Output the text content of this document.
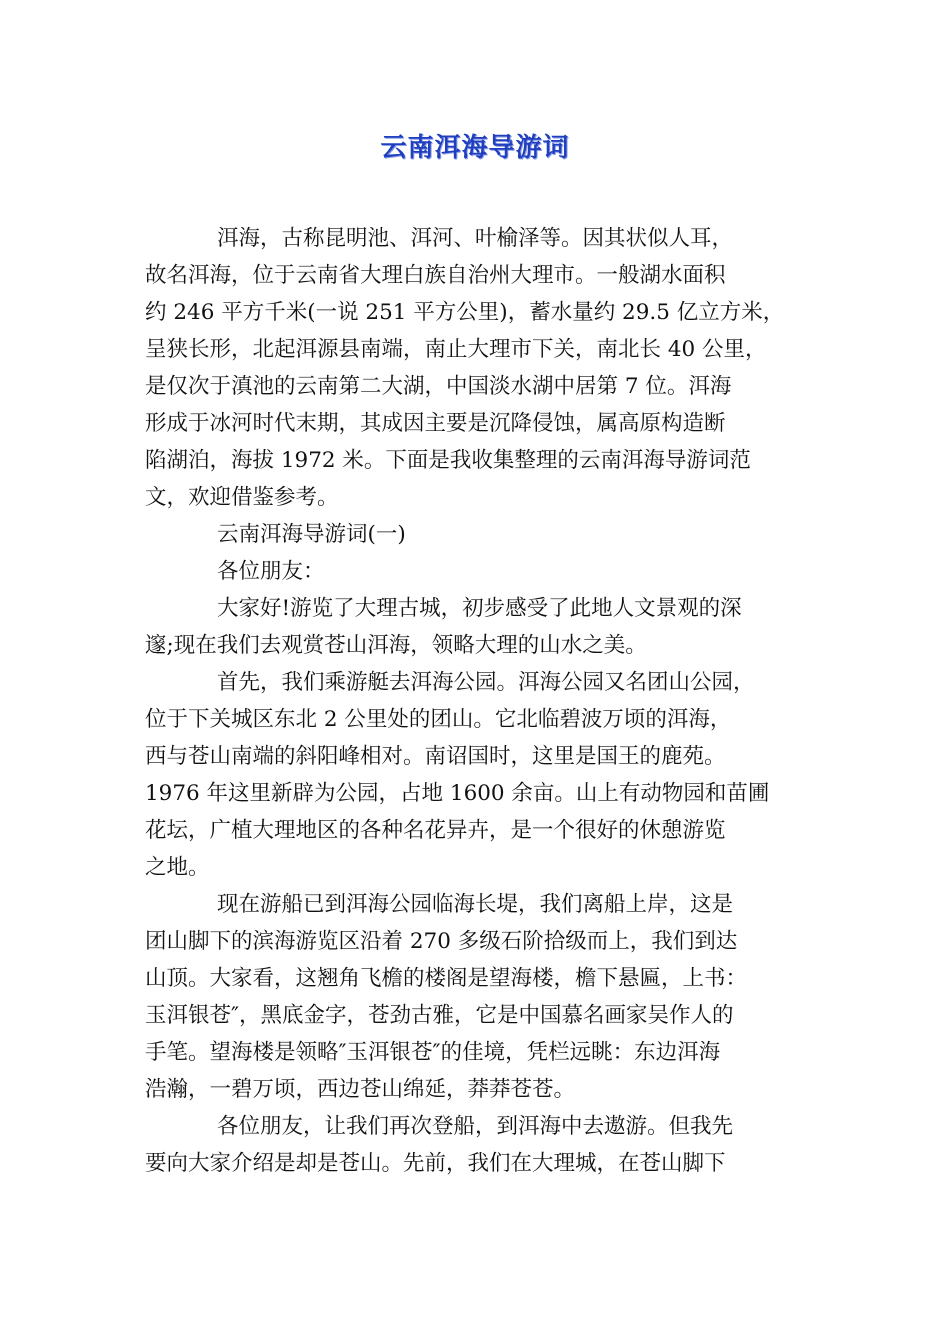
云南洱海导游词
洱海，古称昆明池、洱河、叶榆泽等。因其状似人耳，
故名洱海，位于云南省大理白族自治州大理市。一般湖水面积
约 246 平方千米(一说 251 平方公里)，蓄水量约 29.5 亿立方米，
呈狭长形，北起洱源县南端，南止大理市下关，南北长 40 公里，
是仅次于滇池的云南第二大湖，中国淡水湖中居第 7 位。洱海
形成于冰河时代末期，其成因主要是沉降侵蚀，属高原构造断
陷湖泊，海拔 1972 米。下面是我收集整理的云南洱海导游词范
文，欢迎借鉴参考。
云南洱海导游词(一)
各位朋友：
大家好!游览了大理古城，初步感受了此地人文景观的深
邃;现在我们去观赏苍山洱海，领略大理的山水之美。
首先，我们乘游艇去洱海公园。洱海公园又名团山公园，
位于下关城区东北 2 公里处的团山。它北临碧波万顷的洱海，
西与苍山南端的斜阳峰相对。南诏国时，这里是国王的鹿苑。
1976 年这里新辟为公园，占地 1600 余亩。山上有动物园和苗圃
花坛，广植大理地区的各种名花异卉，是一个很好的休憩游览
之地。
现在游船已到洱海公园临海长堤，我们离船上岸，这是
团山脚下的滨海游览区沿着 270 多级石阶拾级而上，我们到达
山顶。大家看，这翘角飞檐的楼阁是望海楼，檐下悬匾，上书：
玉洱银苍″，黑底金字，苍劲古雅，它是中国慕名画家吴作人的
手笔。望海楼是领略″玉洱银苍″的佳境，凭栏远眺：东边洱海
浩瀚，一碧万顷，西边苍山绵延，莽莽苍苍。
各位朋友，让我们再次登船，到洱海中去遨游。但我先
要向大家介绍是却是苍山。先前，我们在大理城，在苍山脚下
